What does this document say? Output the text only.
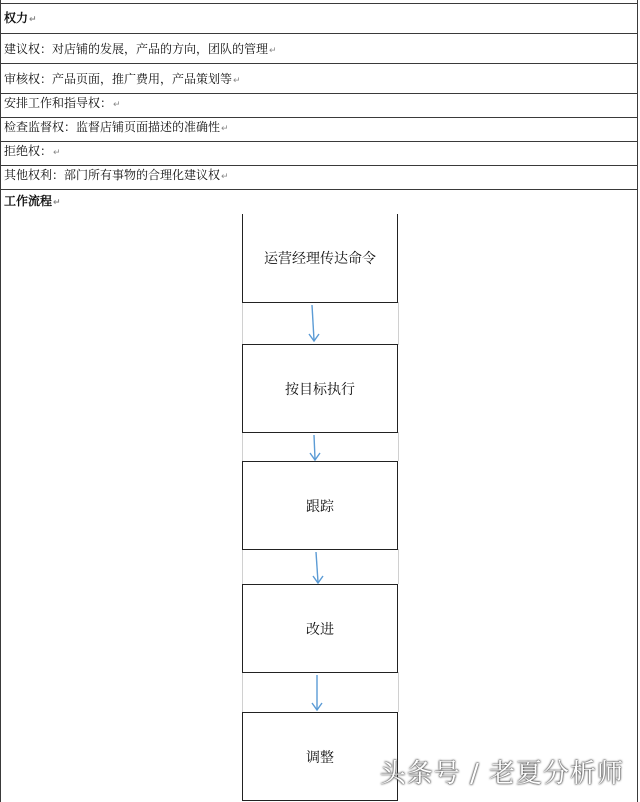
权力↵
建议权：对店铺的发展，产品的方向，团队的管理↵
审核权：产品页面，推广费用，产品策划等↵
安排工作和指导权：↵
检查监督权：监督店铺页面描述的准确性↵
拒绝权：↵
其他权利：部门所有事物的合理化建议权↵
工作流程↵
运营经理传达命令
按目标执行
跟踪
改进
调整
头条号 / 老夏分析师
